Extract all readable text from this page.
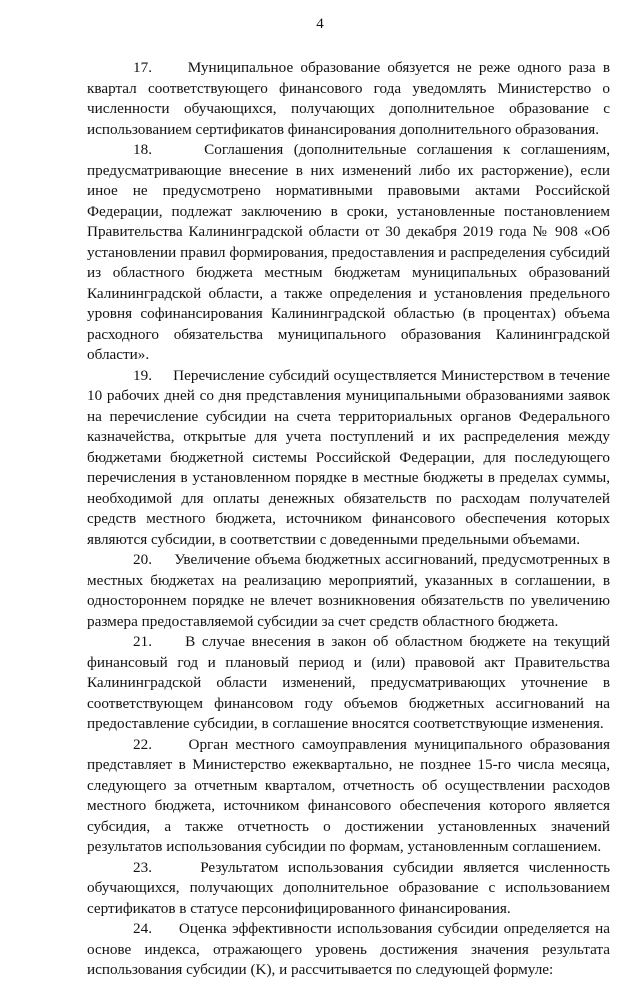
4

17. Муниципальное образование обязуется не реже одного раза в квартал соответствующего финансового года уведомлять Министерство о численности обучающихся, получающих дополнительное образование с использованием сертификатов финансирования дополнительного образования.

18.	Соглашения (дополнительные соглашения к соглашениям, предусматривающие внесение в них изменений либо их расторжение), если иное не предусмотрено нормативными правовыми актами Российской Федерации, подлежат заключению в сроки, установленные постановлением Правительства Калининградской области от 30 декабря 2019 года № 908 «Об установлении правил формирования, предоставления и распределения субсидий из областного бюджета местным бюджетам муниципальных образований Калининградской области, а также определения и установления предельного уровня софинансирования Калининградской областью (в процентах) объема расходного обязательства муниципального образования Калининградской области».

19. Перечисление субсидий осуществляется Министерством в течение 10 рабочих дней со дня представления муниципальными образованиями заявок на перечисление субсидии на счета территориальных органов Федерального казначейства, открытые для учета поступлений и их распределения между бюджетами бюджетной системы Российской Федерации, для последующего перечисления в установленном порядке в местные бюджеты в пределах суммы, необходимой для оплаты денежных обязательств по расходам получателей средств местного бюджета, источником финансового обеспечения которых являются субсидии, в соответствии с доведенными предельными объемами.

20. Увеличение объема бюджетных ассигнований, предусмотренных в местных бюджетах на реализацию мероприятий, указанных в соглашении, в одностороннем порядке не влечет возникновения обязательств по увеличению размера предоставляемой субсидии за счет средств областного бюджета.

21. В случае внесения в закон об областном бюджете на текущий финансовый год и плановый период и (или) правовой акт Правительства Калининградской области изменений, предусматривающих уточнение в соответствующем финансовом году объемов бюджетных ассигнований на предоставление субсидии, в соглашение вносятся соответствующие изменения.

22. Орган местного самоуправления муниципального образования представляет в Министерство ежеквартально, не позднее 15-го числа месяца, следующего за отчетным кварталом, отчетность об осуществлении расходов местного бюджета, источником финансового обеспечения которого является субсидия, а также отчетность о достижении установленных значений результатов использования субсидии по формам, установленным соглашением.

23.	Результатом использования субсидии является численность обучающихся, получающих дополнительное образование с использованием сертификатов в статусе персонифицированного финансирования.

24. Оценка эффективности использования субсидии определяется на основе индекса, отражающего уровень достижения значения результата использования субсидии (K), и рассчитывается по следующей формуле:
